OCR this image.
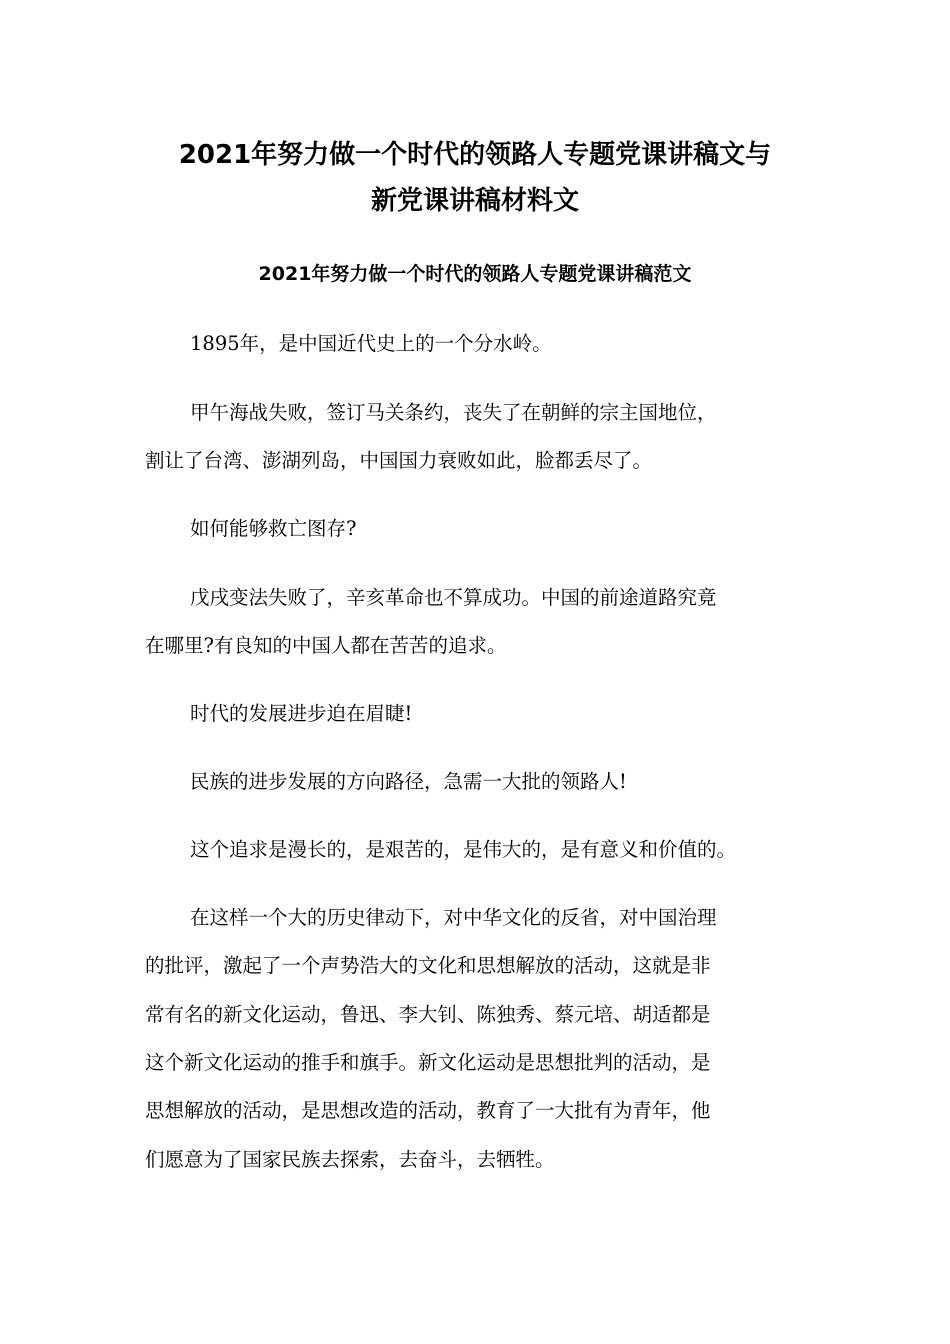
2021年努力做一个时代的领路人专题党课讲稿文与
新党课讲稿材料文
2021年努力做一个时代的领路人专题党课讲稿范文
1895年，是中国近代史上的一个分水岭。
甲午海战失败，签订马关条约，丧失了在朝鲜的宗主国地位，
割让了台湾、澎湖列岛，中国国力衰败如此，脸都丢尽了。
如何能够救亡图存?
戊戌变法失败了，辛亥革命也不算成功。中国的前途道路究竟
在哪里?有良知的中国人都在苦苦的追求。
时代的发展进步迫在眉睫!
民族的进步发展的方向路径，急需一大批的领路人!
这个追求是漫长的，是艰苦的，是伟大的，是有意义和价值的。
在这样一个大的历史律动下，对中华文化的反省，对中国治理
的批评，激起了一个声势浩大的文化和思想解放的活动，这就是非
常有名的新文化运动，鲁迅、李大钊、陈独秀、蔡元培、胡适都是
这个新文化运动的推手和旗手。新文化运动是思想批判的活动，是
思想解放的活动，是思想改造的活动，教育了一大批有为青年，他
们愿意为了国家民族去探索，去奋斗，去牺牲。
